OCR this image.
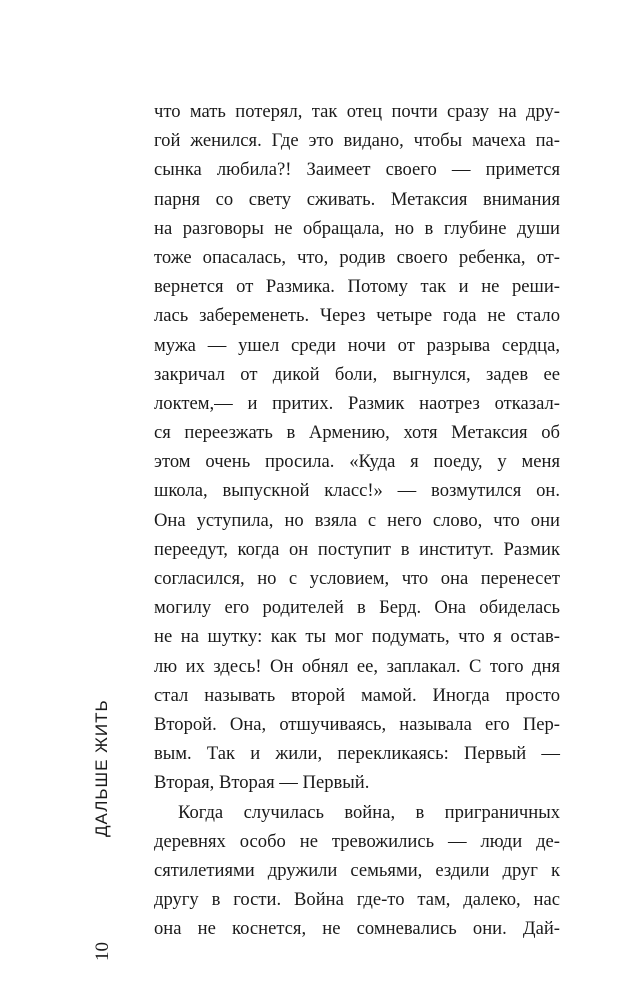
что мать потерял, так отец почти сразу на дру-
гой женился. Где это видано, чтобы мачеха па-
сынка любила?! Заимеет своего — примется
парня со свету сживать. Метаксия внимания
на разговоры не обращала, но в глубине души
тоже опасалась, что, родив своего ребенка, от-
вернется от Размика. Потому так и не реши-
лась забеременеть. Через четыре года не стало
мужа — ушел среди ночи от разрыва сердца,
закричал от дикой боли, выгнулся, задев ее
локтем,— и притих. Размик наотрез отказал-
ся переезжать в Армению, хотя Метаксия об
этом очень просила. «Куда я поеду, у меня
школа, выпускной класс!» — возмутился он.
Она уступила, но взяла с него слово, что они
переедут, когда он поступит в институт. Размик
согласился, но с условием, что она перенесет
могилу его родителей в Берд. Она обиделась
не на шутку: как ты мог подумать, что я остав-
лю их здесь! Он обнял ее, заплакал. С того дня
стал называть второй мамой. Иногда просто
Второй. Она, отшучиваясь, называла его Пер-
вым. Так и жили, перекликаясь: Первый —
Вторая, Вторая — Первый.
Когда случилась война, в приграничных
деревнях особо не тревожились — люди де-
сятилетиями дружили семьями, ездили друг к
другу в гости. Война где-то там, далеко, нас
она не коснется, не сомневались они. Дай-
ДАЛЬШЕ ЖИТЬ
10
